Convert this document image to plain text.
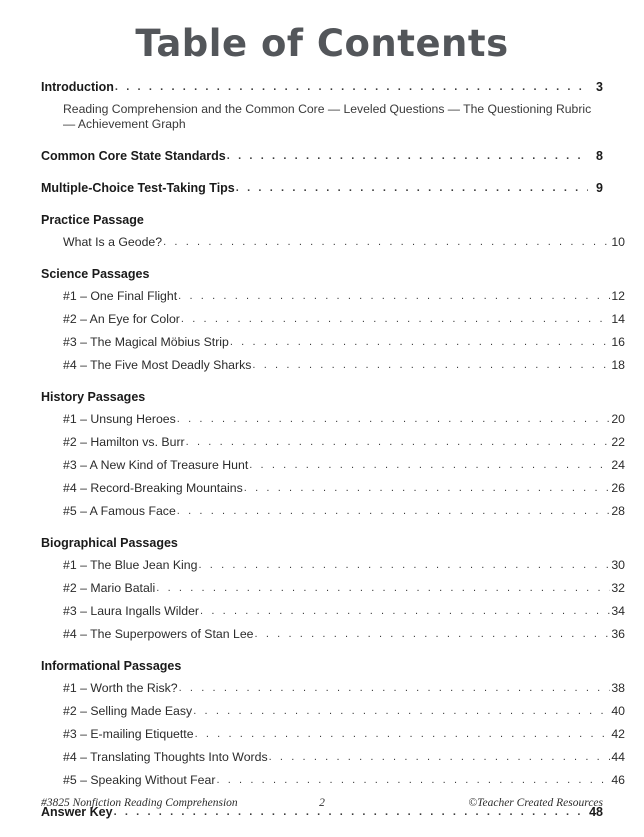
Table of Contents
Introduction . . .	3
Reading Comprehension and the Common Core — Leveled Questions — The Questioning Rubric — Achievement Graph
Common Core State Standards . . .	8
Multiple-Choice Test-Taking Tips . . .	9
Practice Passage
What Is a Geode? . . .	10
Science Passages
#1 – One Final Flight . . .	12
#2 – An Eye for Color . . .	14
#3 – The Magical Möbius Strip . . .	16
#4 – The Five Most Deadly Sharks . . .	18
History Passages
#1 – Unsung Heroes . . .	20
#2 – Hamilton vs. Burr . . .	22
#3 – A New Kind of Treasure Hunt . . .	24
#4 – Record-Breaking Mountains . . .	26
#5 – A Famous Face . . .	28
Biographical Passages
#1 – The Blue Jean King . . .	30
#2 – Mario Batali . . .	32
#3 – Laura Ingalls Wilder . . .	34
#4 – The Superpowers of Stan Lee . . .	36
Informational Passages
#1 – Worth the Risk? . . .	38
#2 – Selling Made Easy . . .	40
#3 – E-mailing Etiquette . . .	42
#4 – Translating Thoughts Into Words . . .	44
#5 – Speaking Without Fear . . .	46
Answer Key . . .	48
#3825 Nonfiction Reading Comprehension	2	©Teacher Created Resources
